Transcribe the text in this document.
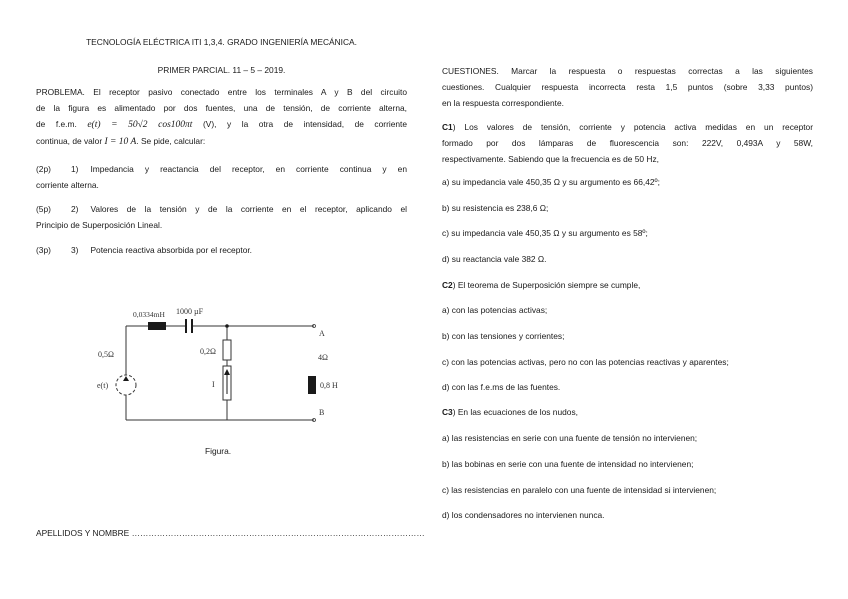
TECNOLOGÍA ELÉCTRICA ITI 1,3,4. GRADO INGENIERÍA MECÁNICA.
PRIMER PARCIAL. 11 – 5 – 2019.
PROBLEMA. El receptor pasivo conectado entre los terminales A y B del circuito
de la figura es alimentado por dos fuentes, una de tensión, de corriente alterna,
de f.e.m. e(t) = 50√2 cos100πt (V), y la otra de intensidad, de corriente
continua, de valor I = 10 A. Se pide, calcular:
(2p) 1) Impedancia y reactancia del receptor, en corriente continua y en
corriente alterna.
(5p) 2) Valores de la tensión y de la corriente en el receptor, aplicando el
Principio de Superposición Lineal.
(3p) 3) Potencia reactiva absorbida por el receptor.
0,0334mH 1000 µF
0,5Ω	0,2Ω
4Ω
0,8 H
e(t)	I
A
B
Figura.
APELLIDOS Y NOMBRE ……………………………………………………………………………………………
CUESTIONES. Marcar la respuesta o respuestas correctas a las siguientes
cuestiones. Cualquier respuesta incorrecta resta 1,5 puntos (sobre 3,33 puntos)
en la respuesta correspondiente.
C1) Los valores de tensión, corriente y potencia activa medidas en un receptor
formado por dos lámparas de fluorescencia son: 222V, 0,493A y 58W,
respectivamente. Sabiendo que la frecuencia es de 50 Hz,
a) su impedancia vale 450,35 Ω y su argumento es 66,42º;
b) su resistencia es 238,6 Ω;
c) su impedancia vale 450,35 Ω y su argumento es 58º;
d) su reactancia vale 382 Ω.
C2) El teorema de Superposición siempre se cumple,
a) con las potencias activas;
b) con las tensiones y corrientes;
c) con las potencias activas, pero no con las potencias reactivas y aparentes;
d) con las f.e.ms de las fuentes.
C3) En las ecuaciones de los nudos,
a) las resistencias en serie con una fuente de tensión no intervienen;
b) las bobinas en serie con una fuente de intensidad no intervienen;
c) las resistencias en paralelo con una fuente de intensidad si intervienen;
d) los condensadores no intervienen nunca.
